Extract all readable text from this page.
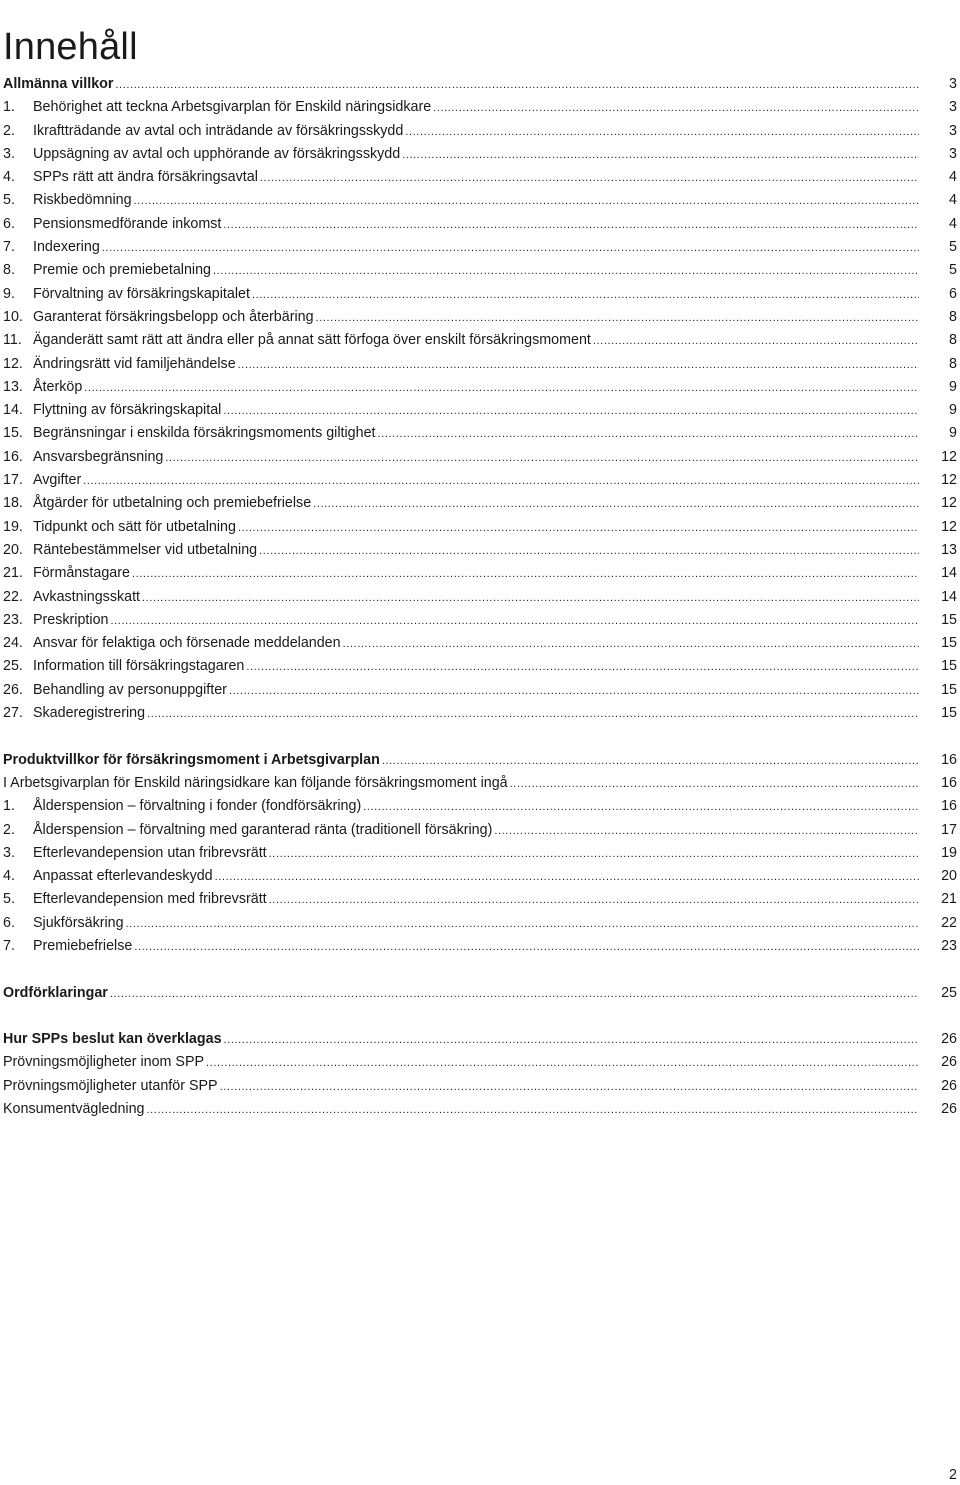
Innehåll
Allmänna villkor .....	3
1.	Behörighet att teckna Arbetsgivarplan för Enskild näringsidkare .....	3
2.	Ikraftträdande av avtal och inträdande av försäkringsskydd .....	3
3.	Uppsägning av avtal och upphörande av försäkringsskydd .....	3
4.	SPPs rätt att ändra försäkringsavtal .....	4
5.	Riskbedömning .....	4
6.	Pensionsmedförande inkomst .....	4
7.	Indexering .....	5
8.	Premie och premiebetalning .....	5
9.	Förvaltning av försäkringskapitalet .....	6
10. Garanterat försäkringsbelopp och återbäring .....	8
11. Äganderätt samt rätt att ändra eller på annat sätt förfoga över enskilt försäkringsmoment .....	8
12. Ändringsrätt vid familjehändelse .....	8
13. Återköp .....	9
14. Flyttning av försäkringskapital .....	9
15. Begränsningar i enskilda försäkringsmoments giltighet .....	9
16. Ansvarsbegränsning .....	12
17. Avgifter .....	12
18. Åtgärder för utbetalning och premiebefrielse .....	12
19. Tidpunkt och sätt för utbetalning .....	12
20. Räntebestämmelser vid utbetalning .....	13
21. Förmånstagare .....	14
22. Avkastningsskatt .....	14
23. Preskription .....	15
24. Ansvar för felaktiga och försenade meddelanden .....	15
25. Information till försäkringstagaren .....	15
26. Behandling av personuppgifter .....	15
27. Skaderegistrering .....	15
Produktvillkor för försäkringsmoment i Arbetsgivarplan .....	16
I Arbetsgivarplan för Enskild näringsidkare kan följande försäkringsmoment ingå .....	16
1.	Ålderspension – förvaltning i fonder (fondförsäkring) .....	16
2.	Ålderspension – förvaltning med garanterad ränta (traditionell försäkring) .....	17
3.	Efterlevandepension utan fribrevsrätt .....	19
4.	Anpassat efterlevandeskydd .....	20
5.	Efterlevandepension med fribrevsrätt .....	21
6.	Sjukförsäkring .....	22
7.	Premiebefrielse .....	23
Ordförklaringar .....	25
Hur SPPs beslut kan överklagas .....	26
Prövningsmöjligheter inom SPP .....	26
Prövningsmöjligheter utanför SPP .....	26
Konsumentvägledning .....	26
2
